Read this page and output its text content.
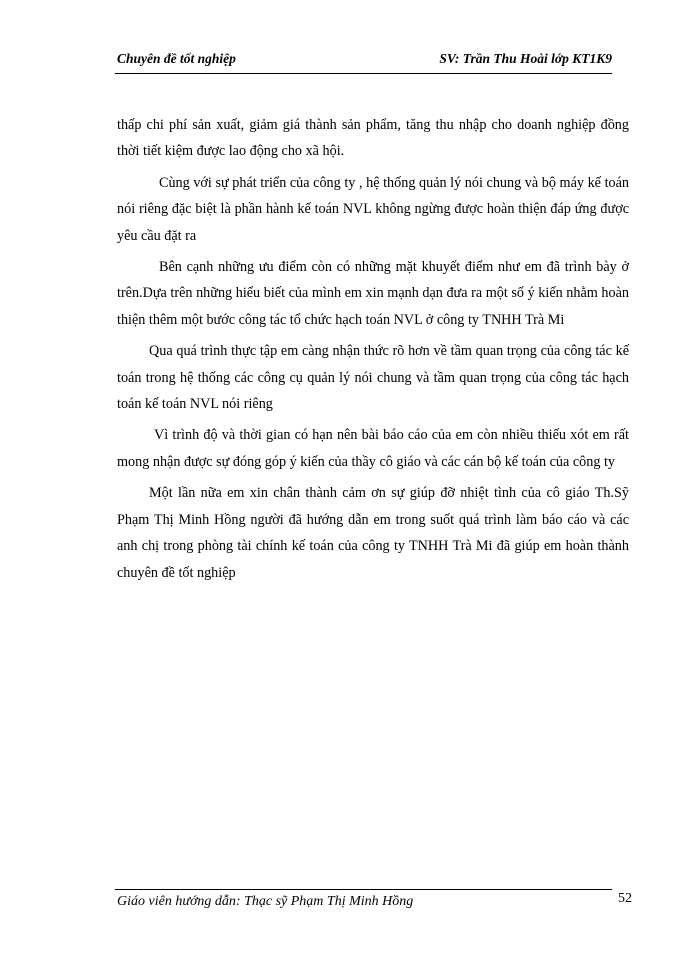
Chuyên đề tốt nghiệp	SV: Trần Thu Hoài lớp KT1K9

thấp chi phí sản xuất, giảm giá thành sản phẩm, tăng thu nhập cho doanh nghiệp đồng thời tiết kiệm được lao động cho xã hội.

Cùng với sự phát triển của công ty , hệ thống quản lý nói chung và bộ máy kế toán nói riêng đặc biệt là phần hành kế toán NVL không ngừng được hoàn thiện đáp ứng được yêu cầu đặt ra

Bên cạnh những ưu điểm còn có những mặt khuyết điểm như em đã trình bày ở trên.Dựa trên những hiểu biết của mình em xin mạnh dạn đưa ra một số ý kiến nhằm hoàn thiện thêm một bước công tác tổ chức hạch toán NVL ở công ty TNHH Trà Mi

Qua quá trình thực tập em càng nhận thức rõ hơn về tầm quan trọng của công tác kế toán trong hệ thống các công cụ quản lý nói chung và tầm quan trọng của công tác hạch toán kế toán NVL nói riêng

Vì trình độ và thời gian có hạn nên bài báo cáo của em còn nhiều thiếu xót em rất mong nhận được sự đóng góp ý kiến của thầy cô giáo và các cán bộ kế toán của công ty

Một lần nữa em xin chân thành cảm ơn sự giúp đỡ nhiệt tình của cô giáo Th.Sỹ Phạm Thị Minh Hồng người đã hướng dẫn em trong suốt quá trình làm báo cáo và các anh chị trong phòng tài chính kế toán của công ty TNHH Trà Mi đã giúp em hoàn thành chuyên đề tốt nghiệp

Giáo viên hướng dẫn: Thạc sỹ Phạm Thị Minh Hồng	52
